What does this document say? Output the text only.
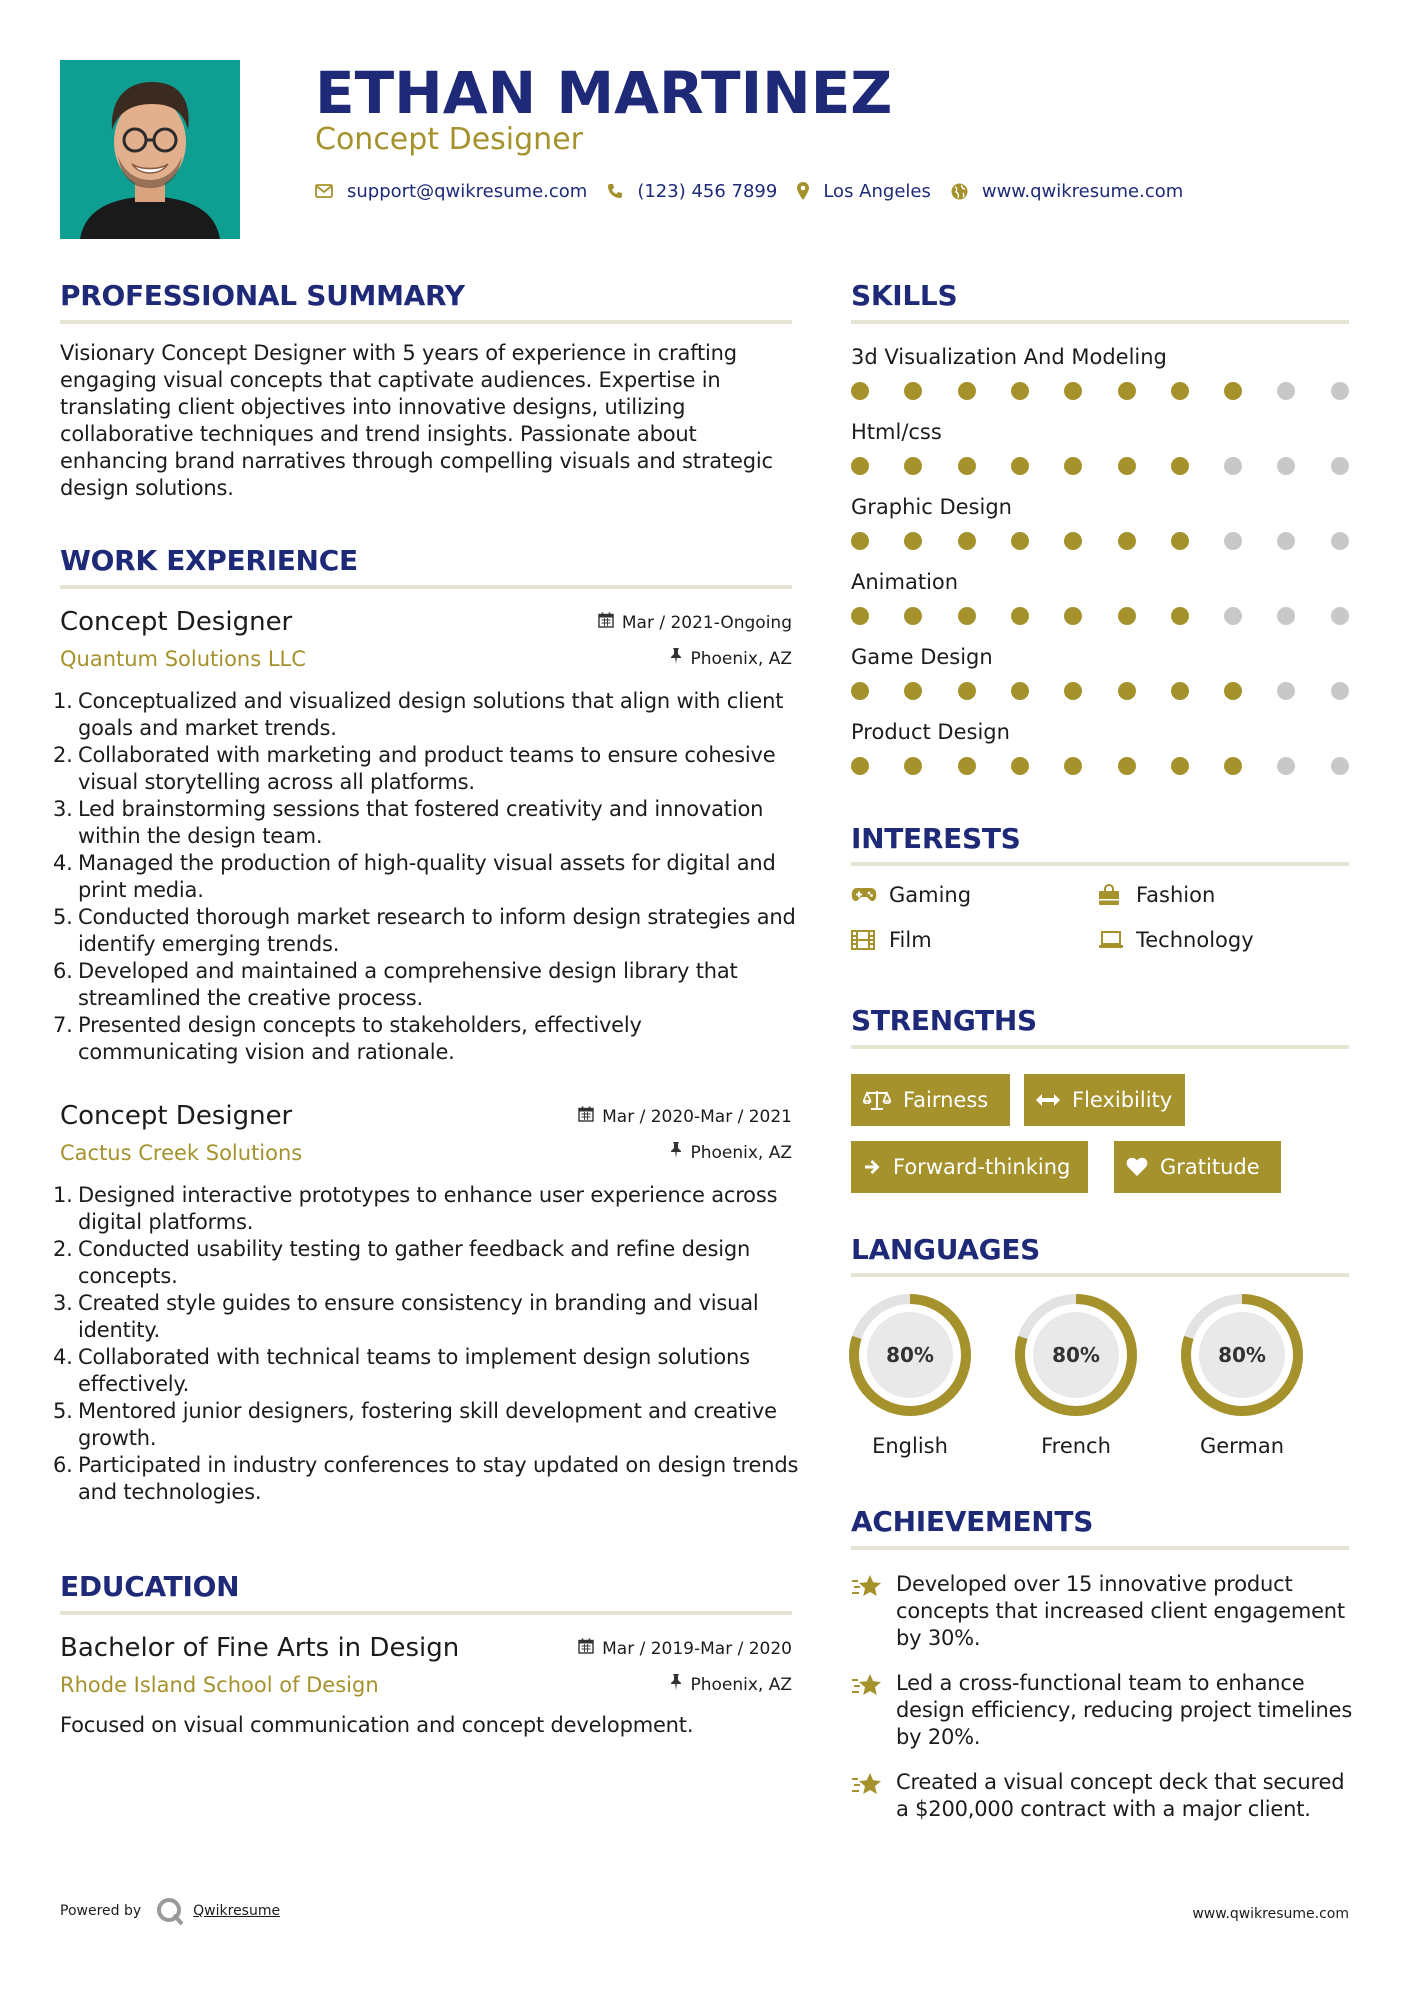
ETHAN MARTINEZ
Concept Designer
support@qwikresume.com	(123) 456 7899	Los Angeles	www.qwikresume.com
PROFESSIONAL SUMMARY
Visionary Concept Designer with 5 years of experience in crafting engaging visual concepts that captivate audiences. Expertise in translating client objectives into innovative designs, utilizing collaborative techniques and trend insights. Passionate about enhancing brand narratives through compelling visuals and strategic design solutions.
WORK EXPERIENCE
Concept Designer	Mar / 2021-Ongoing
Quantum Solutions LLC	Phoenix, AZ
1. Conceptualized and visualized design solutions that align with client goals and market trends.
2. Collaborated with marketing and product teams to ensure cohesive visual storytelling across all platforms.
3. Led brainstorming sessions that fostered creativity and innovation within the design team.
4. Managed the production of high-quality visual assets for digital and print media.
5. Conducted thorough market research to inform design strategies and identify emerging trends.
6. Developed and maintained a comprehensive design library that streamlined the creative process.
7. Presented design concepts to stakeholders, effectively communicating vision and rationale.
Concept Designer	Mar / 2020-Mar / 2021
Cactus Creek Solutions	Phoenix, AZ
1. Designed interactive prototypes to enhance user experience across digital platforms.
2. Conducted usability testing to gather feedback and refine design concepts.
3. Created style guides to ensure consistency in branding and visual identity.
4. Collaborated with technical teams to implement design solutions effectively.
5. Mentored junior designers, fostering skill development and creative growth.
6. Participated in industry conferences to stay updated on design trends and technologies.
EDUCATION
Bachelor of Fine Arts in Design	Mar / 2019-Mar / 2020
Rhode Island School of Design	Phoenix, AZ
Focused on visual communication and concept development.
SKILLS
3d Visualization And Modeling
Html/css
Graphic Design
Animation
Game Design
Product Design
INTERESTS
Gaming	Fashion
Film	Technology
STRENGTHS
Fairness	Flexibility
Forward-thinking	Gratitude
LANGUAGES
80%
English
80%
French
80%
German
ACHIEVEMENTS
Developed over 15 innovative product concepts that increased client engagement by 30%.
Led a cross-functional team to enhance design efficiency, reducing project timelines by 20%.
Created a visual concept deck that secured a $200,000 contract with a major client.
Powered by	Qwikresume	www.qwikresume.com
